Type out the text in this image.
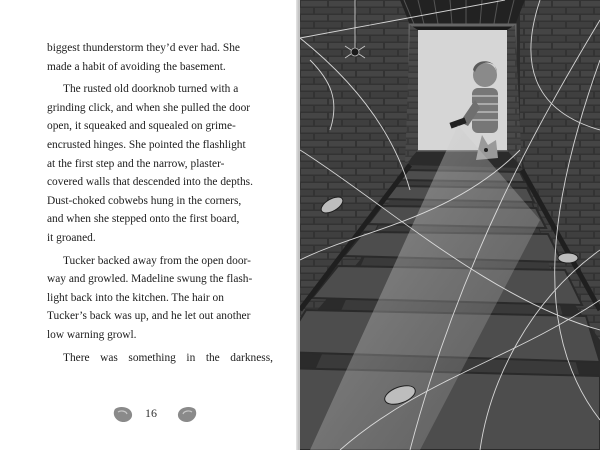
biggest thunderstorm they’d ever had. She
made a habit of avoiding the basement.

The rusted old doorknob turned with a
grinding click, and when she pulled the door
open, it squeaked and squealed on grime-
encrusted hinges. She pointed the flashlight
at the first step and the narrow, plaster-
covered walls that descended into the depths.
Dust-choked cobwebs hung in the corners,
and when she stepped onto the first board,
it groaned.

Tucker backed away from the open door-
way and growled. Madeline swung the flash-
light back into the kitchen. The hair on
Tucker’s back was up, and he let out another
low warning growl.

There was something in the darkness,

16
